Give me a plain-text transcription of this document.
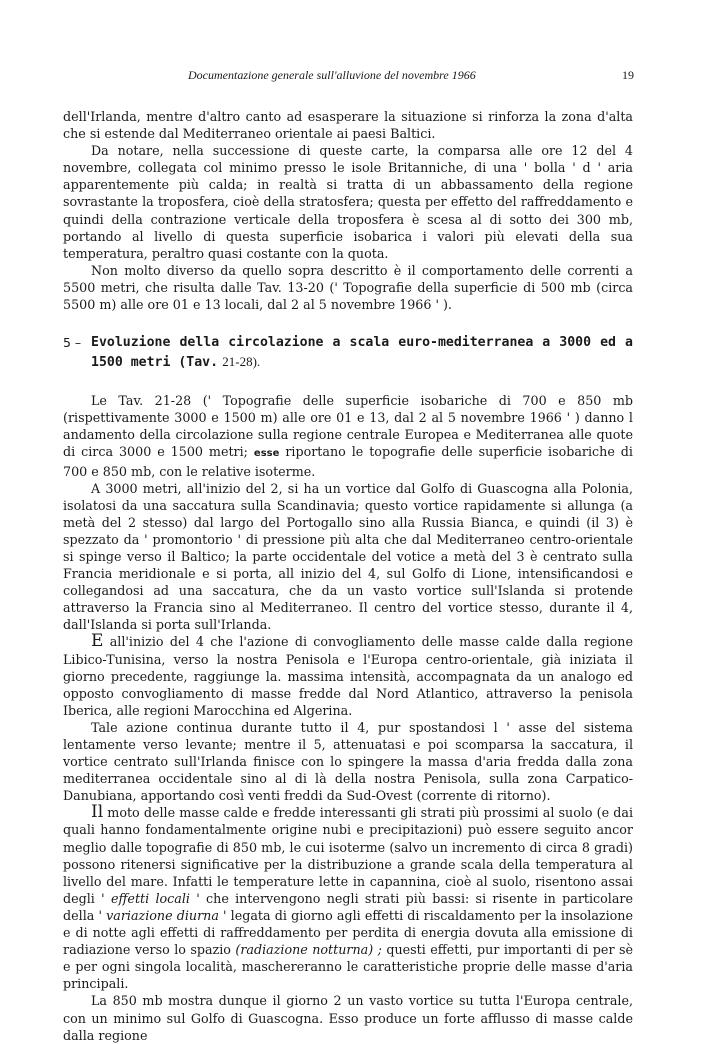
Documentazione generale sull'alluvione del novembre 1966	19

dell'Irlanda, mentre d'altro canto ad esasperare la situazione si rinforza la zona d'alta che si estende dal Mediterraneo orientale ai paesi Baltici.

Da notare, nella successione di queste carte, la comparsa alle ore 12 del 4 novembre, collegata col minimo presso le isole Britanniche, di una ' bolla ' d ' aria apparentemente più calda; in realtà si tratta di un abbassamento della regione sovrastante la troposfera, cioè della stratosfera; questa per effetto del raffreddamento e quindi della contrazione verticale della troposfera è scesa al di sotto dei 300 mb, portando al livello di questa superficie isobarica i valori più elevati della sua temperatura, peraltro quasi costante con la quota.

Non molto diverso da quello sopra descritto è il comportamento delle correnti a 5500 metri, che risulta dalle Tav. 13-20 (' Topografie della superficie di 500 mb (circa 5500 m) alle ore 01 e 13 locali, dal 2 al 5 novembre 1966 ' ).

5 – Evoluzione della circolazione a scala euro-mediterranea a 3000 ed a 1500 metri (Tav. 21-28).

Le Tav. 21-28 (' Topografie delle superficie isobariche di 700 e 850 mb (rispettivamente 3000 e 1500 m) alle ore 01 e 13, dal 2 al 5 novembre 1966 ' ) danno l andamento della circolazione sulla regione centrale Europea e Mediterranea alle quote di circa 3000 e 1500 metri; esse riportano le topografie delle superficie isobariche di 700 e 850 mb, con le relative isoterme.

A 3000 metri, all'inizio del 2, si ha un vortice dal Golfo di Guascogna alla Polonia, isolatosi da una saccatura sulla Scandinavia; questo vortice rapidamente si allunga (a metà del 2 stesso) dal largo del Portogallo sino alla Russia Bianca, e quindi (il 3) è spezzato da ' promontorio ' di pressione più alta che dal Mediterraneo centro-orientale si spinge verso il Baltico; la parte occidentale del votice a metà del 3 è centrato sulla Francia meridionale e si porta, all inizio del 4, sul Golfo di Lione, intensificandosi e collegandosi ad una saccatura, che da un vasto vortice sull'Islanda si protende attraverso la Francia sino al Mediterraneo. Il centro del vortice stesso, durante il 4, dall'Islanda si porta sull'Irlanda.

E all'inizio del 4 che l'azione di convogliamento delle masse calde dalla regione Libico-Tunisina, verso la nostra Penisola e l'Europa centro-orientale, già iniziata il giorno precedente, raggiunge la. massima intensità, accompagnata da un analogo ed opposto convogliamento di masse fredde dal Nord Atlantico, attraverso la penisola Iberica, alle regioni Marocchina ed Algerina.

Tale azione continua durante tutto il 4, pur spostandosi l ' asse del sistema lentamente verso levante; mentre il 5, attenuatasi e poi scomparsa la saccatura, il vortice centrato sull'Irlanda finisce con lo spingere la massa d'aria fredda dalla zona mediterranea occidentale sino al di là della nostra Penisola, sulla zona Carpatico-Danubiana, apportando così venti freddi da Sud-Ovest (corrente di ritorno).

Il moto delle masse calde e fredde interessanti gli strati più prossimi al suolo (e dai quali hanno fondamentalmente origine nubi e precipitazioni) può essere seguito ancor meglio dalle topografie di 850 mb, le cui isoterme (salvo un incremento di circa 8 gradi) possono ritenersi significative per la distribuzione a grande scala della temperatura al livello del mare. Infatti le temperature lette in capannina, cioè al suolo, risentono assai degli ' effetti locali ' che intervengono negli strati più bassi: si risente in particolare della ' variazione diurna ' legata di giorno agli effetti di riscaldamento per la insolazione e di notte agli effetti di raffreddamento per perdita di energia dovuta alla emissione di radiazione verso lo spazio (radiazione notturna) ; questi effetti, pur importanti di per sè e per ogni singola località, maschereranno le caratteristiche proprie delle masse d'aria principali.

La 850 mb mostra dunque il giorno 2 un vasto vortice su tutta l'Europa centrale, con un minimo sul Golfo di Guascogna. Esso produce un forte afflusso di masse calde dalla regione
